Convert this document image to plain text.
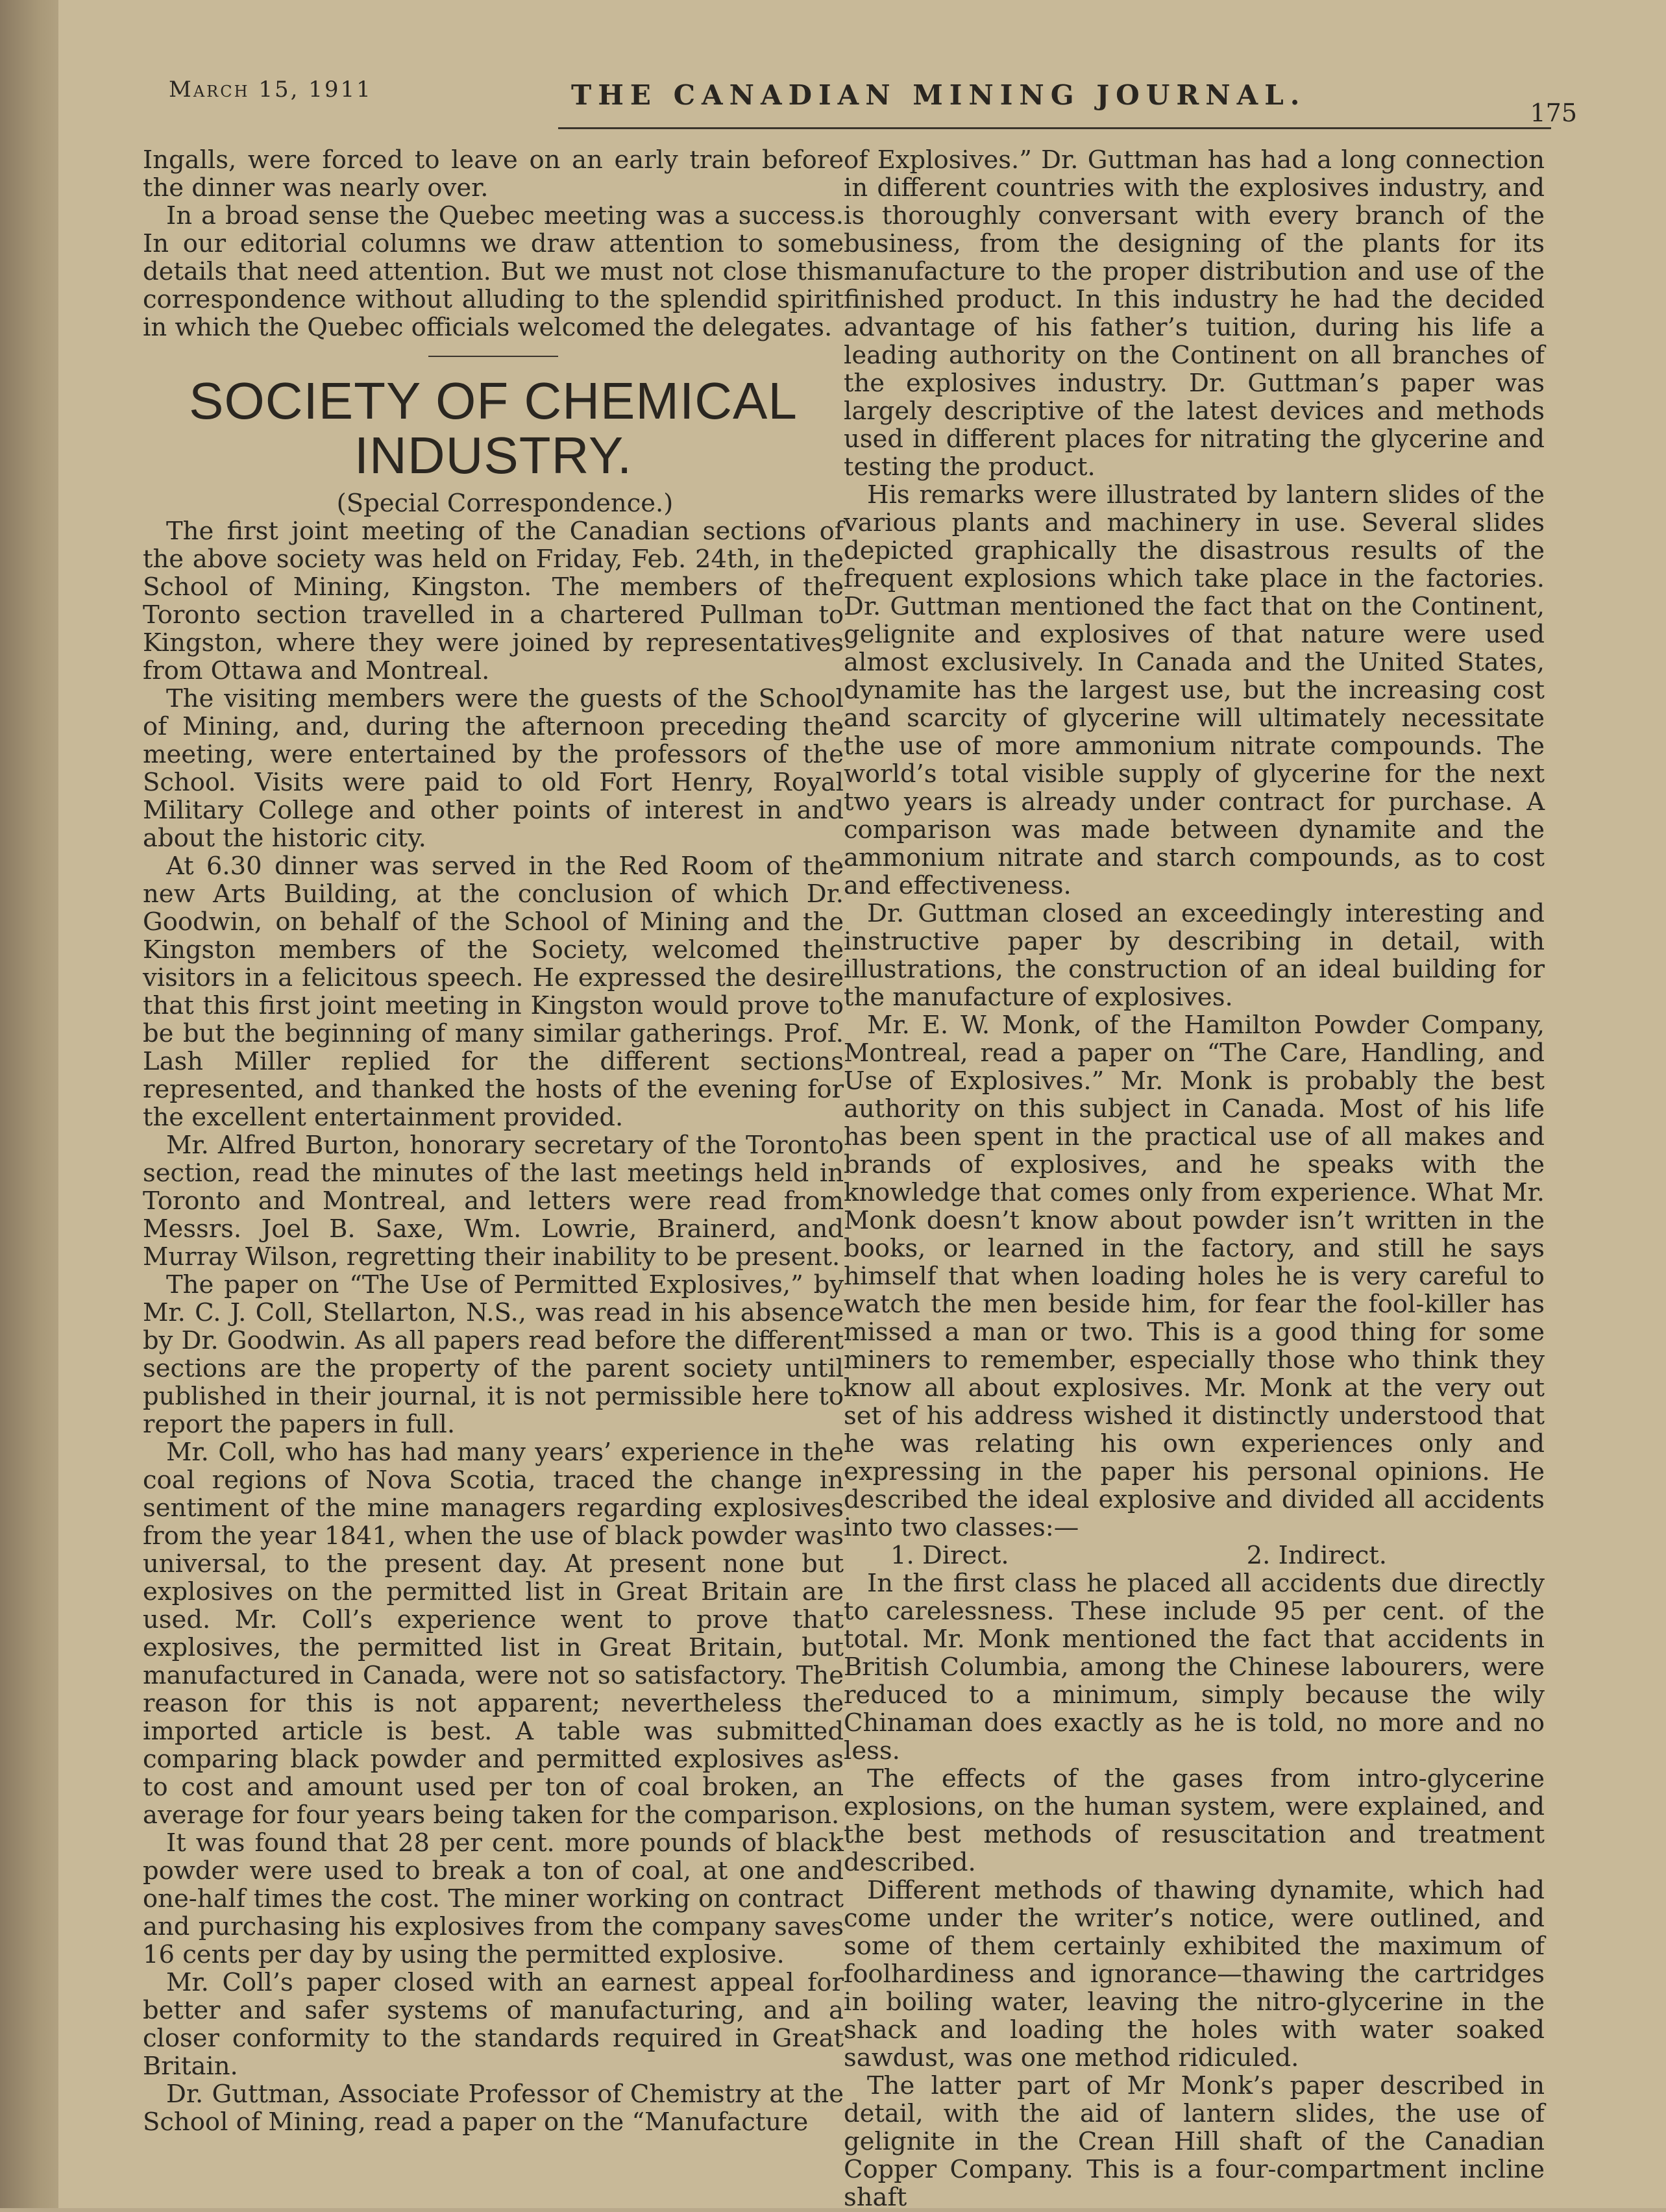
March 15, 1911	THE CANADIAN MINING JOURNAL.
175

Ingalls, were forced to leave on an early train before the dinner was nearly over.

In a broad sense the Quebec meeting was a success. In our editorial columns we draw attention to some details that need attention. But we must not close this correspondence without alluding to the splendid spirit in which the Quebec officials welcomed the delegates.

SOCIETY OF CHEMICAL INDUSTRY.

(Special Correspondence.)

The first joint meeting of the Canadian sections of the above society was held on Friday, Feb. 24th, in the School of Mining, Kingston. The members of the Toronto section travelled in a chartered Pullman to Kingston, where they were joined by representatives from Ottawa and Montreal.

The visiting members were the guests of the School of Mining, and, during the afternoon preceding the meeting, were entertained by the professors of the School. Visits were paid to old Fort Henry, Royal Military College and other points of interest in and about the historic city.

At 6.30 dinner was served in the Red Room of the new Arts Building, at the conclusion of which Dr. Goodwin, on behalf of the School of Mining and the Kingston members of the Society, welcomed the visitors in a felicitous speech. He expressed the desire that this first joint meeting in Kingston would prove to be but the beginning of many similar gatherings. Prof. Lash Miller replied for the different sections represented, and thanked the hosts of the evening for the excellent entertainment provided.

Mr. Alfred Burton, honorary secretary of the Toronto section, read the minutes of the last meetings held in Toronto and Montreal, and letters were read from Messrs. Joel B. Saxe, Wm. Lowrie, Brainerd, and Murray Wilson, regretting their inability to be present.

The paper on “The Use of Permitted Explosives,” by Mr. C. J. Coll, Stellarton, N.S., was read in his absence by Dr. Goodwin. As all papers read before the different sections are the property of the parent society until published in their journal, it is not permissible here to report the papers in full.

Mr. Coll, who has had many years’ experience in the coal regions of Nova Scotia, traced the change in sentiment of the mine managers regarding explosives from the year 1841, when the use of black powder was universal, to the present day. At present none but explosives on the permitted list in Great Britain are used. Mr. Coll’s experience went to prove that explosives, the permitted list in Great Britain, but manufactured in Canada, were not so satisfactory. The reason for this is not apparent; nevertheless the imported article is best. A table was submitted comparing black powder and permitted explosives as to cost and amount used per ton of coal broken, an average for four years being taken for the comparison.

It was found that 28 per cent. more pounds of black powder were used to break a ton of coal, at one and one-half times the cost. The miner working on contract and purchasing his explosives from the company saves 16 cents per day by using the permitted explosive.

Mr. Coll’s paper closed with an earnest appeal for better and safer systems of manufacturing, and a closer conformity to the standards required in Great Britain.

Dr. Guttman, Associate Professor of Chemistry at the School of Mining, read a paper on the “Manufacture

of Explosives.” Dr. Guttman has had a long connection in different countries with the explosives industry, and is thoroughly conversant with every branch of the business, from the designing of the plants for its manufacture to the proper distribution and use of the finished product. In this industry he had the decided advantage of his father’s tuition, during his life a leading authority on the Continent on all branches of the explosives industry. Dr. Guttman’s paper was largely descriptive of the latest devices and methods used in different places for nitrating the glycerine and testing the product.

His remarks were illustrated by lantern slides of the various plants and machinery in use. Several slides depicted graphically the disastrous results of the frequent explosions which take place in the factories. Dr. Guttman mentioned the fact that on the Continent, gelignite and explosives of that nature were used almost exclusively. In Canada and the United States, dynamite has the largest use, but the increasing cost and scarcity of glycerine will ultimately necessitate the use of more ammonium nitrate compounds. The world’s total visible supply of glycerine for the next two years is already under contract for purchase. A comparison was made between dynamite and the ammonium nitrate and starch compounds, as to cost and effectiveness.

Dr. Guttman closed an exceedingly interesting and instructive paper by describing in detail, with illustrations, the construction of an ideal building for the manufacture of explosives.

Mr. E. W. Monk, of the Hamilton Powder Company, Montreal, read a paper on “The Care, Handling, and Use of Explosives.” Mr. Monk is probably the best authority on this subject in Canada. Most of his life has been spent in the practical use of all makes and brands of explosives, and he speaks with the knowledge that comes only from experience. What Mr. Monk doesn’t know about powder isn’t written in the books, or learned in the factory, and still he says himself that when loading holes he is very careful to watch the men beside him, for fear the fool-killer has missed a man or two. This is a good thing for some miners to remember, especially those who think they know all about explosives. Mr. Monk at the very out set of his address wished it distinctly understood that he was relating his own experiences only and expressing in the paper his personal opinions. He described the ideal explosive and divided all accidents into two classes:—

1. Direct.	2. Indirect.

In the first class he placed all accidents due directly to carelessness. These include 95 per cent. of the total. Mr. Monk mentioned the fact that accidents in British Columbia, among the Chinese labourers, were reduced to a minimum, simply because the wily Chinaman does exactly as he is told, no more and no less.

The effects of the gases from intro-glycerine explosions, on the human system, were explained, and the best methods of resuscitation and treatment described.

Different methods of thawing dynamite, which had come under the writer’s notice, were outlined, and some of them certainly exhibited the maximum of foolhardiness and ignorance—thawing the cartridges in boiling water, leaving the nitro-glycerine in the shack and loading the holes with water soaked sawdust, was one method ridiculed.

The latter part of Mr Monk’s paper described in detail, with the aid of lantern slides, the use of gelignite in the Crean Hill shaft of the Canadian Copper Company. This is a four-compartment incline shaft
